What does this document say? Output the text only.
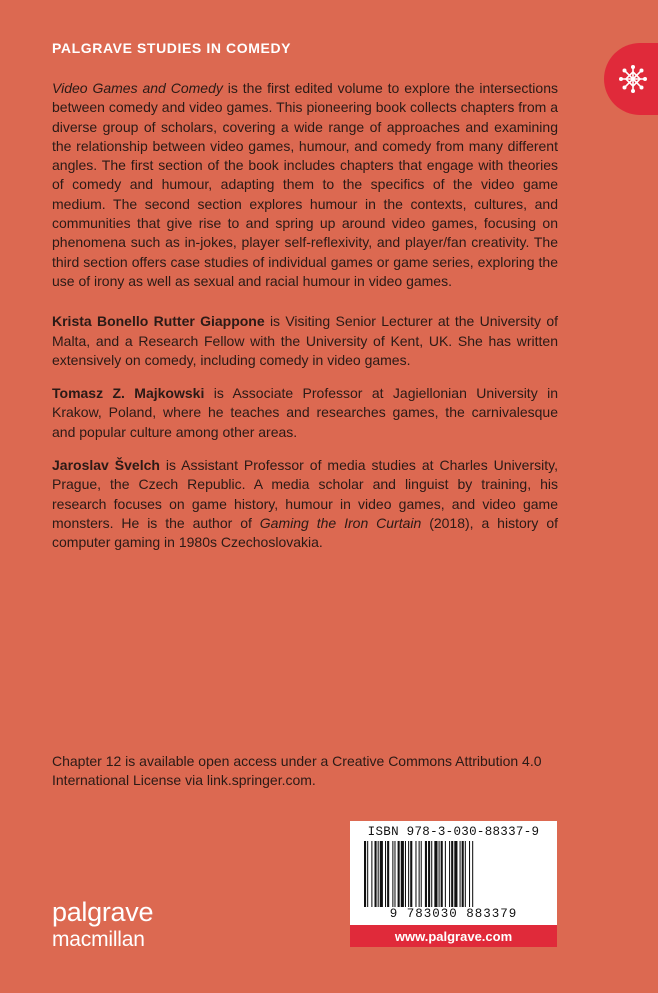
PALGRAVE STUDIES IN COMEDY

Video Games and Comedy is the first edited volume to explore the intersections between comedy and video games. This pioneering book collects chapters from a diverse group of scholars, covering a wide range of approaches and examining the relationship between video games, humour, and comedy from many different angles. The first section of the book includes chapters that engage with theories of comedy and humour, adapting them to the specifics of the video game medium. The second section explores humour in the contexts, cultures, and communities that give rise to and spring up around video games, focusing on phenomena such as in-jokes, player self-reflexivity, and player/fan creativity. The third section offers case studies of individual games or game series, exploring the use of irony as well as sexual and racial humour in video games.

Krista Bonello Rutter Giappone is Visiting Senior Lecturer at the University of Malta, and a Research Fellow with the University of Kent, UK. She has written extensively on comedy, including comedy in video games.

Tomasz Z. Majkowski is Associate Professor at Jagiellonian University in Krakow, Poland, where he teaches and researches games, the carnivalesque and popular culture among other areas.

Jaroslav Švelch is Assistant Professor of media studies at Charles University, Prague, the Czech Republic. A media scholar and linguist by training, his research focuses on game history, humour in video games, and video game monsters. He is the author of Gaming the Iron Curtain (2018), a history of computer gaming in 1980s Czechoslovakia.

Chapter 12 is available open access under a Creative Commons Attribution 4.0 International License via link.springer.com.
ISBN 978-3-030-88337-9
9 783030 883379
www.palgrave.com
palgrave
macmillan
